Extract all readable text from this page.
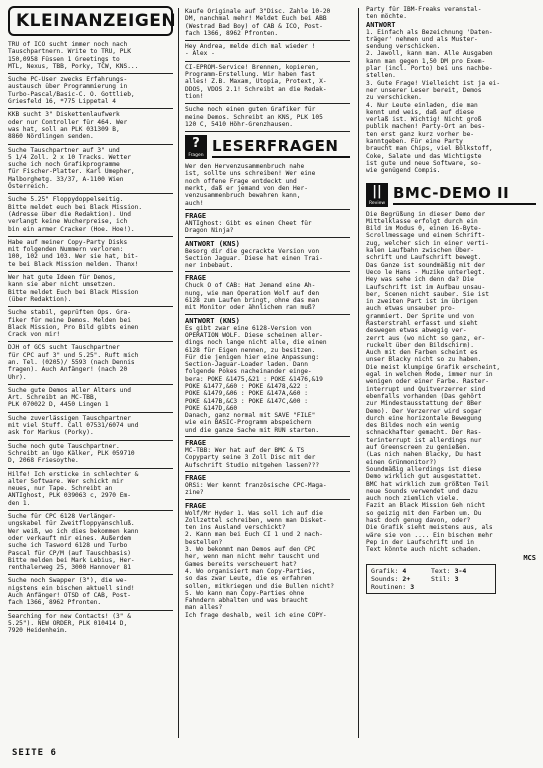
KLEINANZEIGEN
TRU of ICO sucht immer noch nach
Tauschpartnern. Write to TRU, PLK
150,0958 Füssen 1 Greetings to
MTL, Nexus, TBB, Porky, TCW, KNS...
Suche PC-User zwecks Erfahrungs-
austausch über Programmierung in
Turbo-Pascal/Basic-C. O. Gottlieb,
Griesfeld 16, *775 Lippetal 4
KKB sucht 3" Diskettenlaufwerk
oder nur Controller für 464. Wer
was hat, soll an PLK 031309 B,
8860 Nördlingen senden.
Suche Tauschpartner auf 3" und
5 1/4 Zoll. 2 x 10 Tracks. Wetter
suche ich noch Grafikprogramme
für Fischer-Platter. Karl Umepher,
Malborghetg. 33/37, A-1100 Wien
Österreich.
Suche 5.25" Floppydoppelseitig.
Bitte meldet euch bei Black Mission.
(Adresse über die Redaktion). Und
verlangt keine Wucherpreise, ich
bin ein armer Cracker (Hoe. Hoe!).
Habe auf meiner Copy-Party Disks
mit folgenden Nummern verloren:
100, 102 und 103. Wer sie hat, bit-
te bei Black Mission melden. Thanx!
Wer hat gute Ideen für Demos,
kann sie aber nicht umsetzen.
Bitte meldet Euch bei Black Mission
(über Redaktion).
Suche stabil, geprüften Ops. Gra-
fiker für meine Demos. Melden bei
Black Mission, Pro Bild gibts einen
Crack von mir!
DJH of GCS sucht Tauschpartner
für CPC auf 3" und 5.25". Ruft mich
an. Tel. (0205)/ 5593 (nach Dennis
fragen). Auch Anfänger! (nach 20
Uhr).
Suche gute Demos aller Alters und
Art. Schreibt an MC-TBB,
PLK 070022 D, 4450 Lingen 1
Suche zuverlässigen Tauschpartner
mit viel Stuff. Call 07531/6074 und
ask for Markus (Porky).
Suche noch gute Tauschpartner.
Schreibt an Ugo Kälker, PLK 059710
D, 2068 Friesoythe.
Hilfe! Ich ersticke in schlechter &
alter Software. Wer schickt mir
neues, nur Tape. Schreibt an
ANTIghost, PLK 039063 c, 2970 Em-
den 1.
Suche für CPC 6128 Verlänger-
ungskabel für Zweitfloppyanschluß.
Wer weiß, wo ich dies bekommen kann
oder verkauft mir eines. Außerdem
suche ich Tasword 6128 und Turbo
Pascal für CP/M (auf Tauschbasis)
Bitte melden bei Mark Lebius, Her-
renthalerweg 25, 3000 Hannover 81
Suche noch Swapper (3"), die we-
nigstens ein bischen aktuell sind!
Auch Anfänger! OTSD of CAB, Post-
fach 1366, 8962 Pfronten.
Searching for new Contacts! (3" &
5.25"). NEW ORDER, PLK 010414 D,
7920 Heidenheim.
Kaufe Originale auf 3"Disc. Zahle 10-20
DM, nanchmal mehr! Meldet Euch bei ABB
(Westrad Bad Boy) of CAB & ICO, Post-
fach 1366, 8962 Pfronten.
Hey Andrea, melde dich mal wieder !
- Alex -
CI-EPROM-Service! Brennen, kopieren,
Programm-Erstellung. Wir haben fast
alles! Z.B. Maxam, Utopia, Protext, X-
DDOS, VDOS 2.1! Schreibt an die Redak-
tion!
Suche noch einen guten Grafiker für
meine Demos. Schreibt an KNS, PLK 105
120 C, 5410 Höhr-Grenzhausen.
?
Fragen
LESERFRAGEN
Wer den Hervenzusammenbruch nahe
ist, sollte uns schreiben! Wer eine
noch offene Frage entdeckt und
merkt, daß er jemand von den Her-
venzusammenbruch bewahren kann,
auch!
FRAGE
ANTIghost: Gibt es einen Cheet für
Dragon Ninja?
ANTWORT (KNS)
Besorg dir die gecrackte Version von
Section Jaguar. Diese hat einen Trai-
ner inbebaut.
FRAGE
Chuck O of CAB: Hat Jemand eine Ah-
nung, wie man Operation Wolf auf den
6128 zum Laufen bringt, ohne das man
mit Monitor oder ähnlichem ran muß?
ANTWORT (KNS)
Es gibt zwar eine 6128-Version von
OPERATION WOLF. Diese scheinen aller-
dings noch lange nicht alle, die einen
6128 für Eigen nennen, zu besitzen.
Für die jenigen hier eine Anpassung:
Section-Jaguar-Loader laden. Dann
folgende Pokes nacheinander einge-
bera: POKE &1475,&21 : POKE &1476,&19
POKE &1477,&60 : POKE &1478,&22 :
POKE &1479,&06 : POKE &147A,&60 :
POKE &147B,&C3 : POKE &147C,&00 :
POKE &147D,&60
Danach, ganz normal mit SAVE "FILE"
wie ein BASIC-Programm abspeichern
und die ganze Sache mit RUN starten.
FRAGE
MC-TBB: Wer hat auf der BMC & TS
Copyparty seine 3 Zoll Disc mit der
Aufschrift Studio mitgehen lassen???
FRAGE
ORSi: Wer kennt französische CPC-Maga-
zine?
FRAGE
Wolf/Mr Hyder 1. Was soll ich auf die
Zollzettel schreiben, wenn man Disket-
ten ins Ausland verschickt?
2. Kann man bei Euch CI 1 und 2 nach-
bestellen?
3. Wo bekommt man Demos auf den CPC
her, wenn man nicht mehr tauscht und
Games bereits verscheuert hat?
4. Wo organisiert man Copy-Parties,
so das zwar Leute, die es erfahren
sollen, mitkriegen und die Bullen nicht?
5. Wo kann man Copy-Parties ohne
Fahndern abhalten und was braucht
man alles?
Ich frage deshalb, weil ich eine COPY-
Party für IBM-Freaks veranstal-
ten möchte.
ANTWORT
1. Einfach als Bezeichnung 'Daten-
träger' nehmen und als Muster-
sendung verschicken.
2. Jawoll, kann man. Alle Ausgaben
kann man gegen 1,50 DM pro Exem-
plar (incl. Porto) bei uns nachbe-
stellen.
3. Gute Frage! Vielleicht ist ja ei-
ner unserer Leser bereit, Demos
zu verschicken.
4. Nur Leute einladen, die man
kennt und weis, daß auf diese
verlaß ist. Wichtig! Nicht groß
publik machen! Party-Ort an bes-
ten erst ganz kurz vorher be-
kanntgeben. Für eine Party
braucht man Chips, viel Bölkstoff,
Coke, Salate und das Wichtigste
ist gute und neue Software, so-
wie genügend Compis.
||
Review
BMC-DEMO II
Die Begrüßung in dieser Demo der
Mittelklasse erfolgt durch ein
Bild im Modus 0, einen 16-Byte-
Scrollmessage und einem Schrift-
zug, welcher sich in einer verti-
kalen Laufbahn zwischen Über-
schrift und Laufschrift bewegt.
Das Ganze ist soundmäßig mit der
Ueco le Hans - Muzike unterlegt.
Hey was sehe ich denn da? Die
Laufschrift ist im Aufbau unsau-
ber, Scenen nicht sauber. Sie ist
in zweiten Part ist im übrigen
auch etwas unsauber pro-
grammiert. Der Sprite und von
Rasterstrahl erfasst und sieht
deswegen etwas abwegig ver-
zerrt aus (wo nicht so ganz, er-
ruckelt über den Bildschirm).
Auch mit den Farben scheint es
unser Blacky nicht so zu haben.
Die meist klumpige Grafik erscheint,
egal in welchen Mode, immer nur in
wenigen oder einer Farbe. Raster-
interrupt und Quitverzerrer sind
ebenfalls vorhanden (Das gehört
zur Mindestausstattung der 8Ber
Demo). Der Verzerrer wird sogar
durch eine horizontale Bewegung
des Bildes noch ein wenig
schnackhafter gemacht. Der Ras-
terinterrupt ist allerdings nur
auf Greenscreen zu genießen.
(Las nich nahen Blacky, Du hast
einen Grünmonitor?)
Soundmäßig allerdings ist diese
Demo wirklich gut ausgestattet.
BMC hat wirklich zum größten Teil
neue Sounds verwendet und dazu
auch noch ziemlich viele.
Fazit an Black Mission Geh nicht
so geizig mit den Farben um. Du
hast doch genug davon, oder?
Die Grafik sieht meistens aus, als
wäre sie von .... Ein bischen mehr
Pep in der Laufschrift und in
Text könnte auch nicht schaden.
MCS
Grafik: 4	Text: 3-4
Sounds: 2+	Stil: 3
Routinen: 3
SEITE 6
